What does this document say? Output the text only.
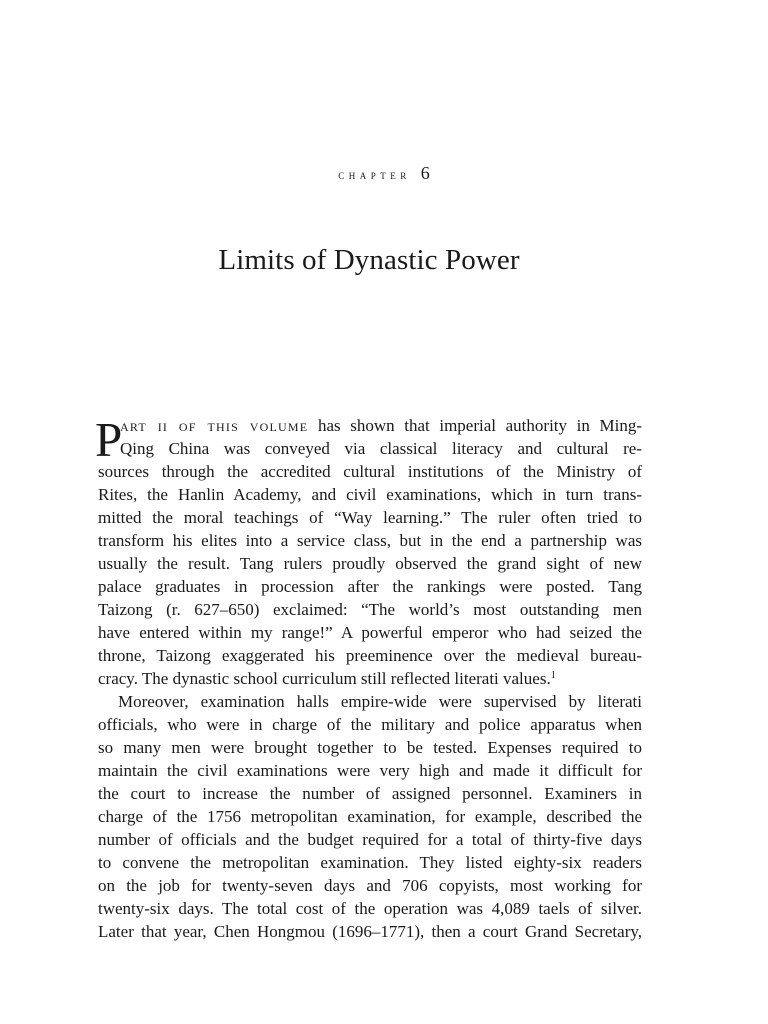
chapter 6
Limits of Dynastic Power
P
art ii of this volume has shown that imperial authority in Ming-
Qing China was conveyed via classical literacy and cultural re-
sources through the accredited cultural institutions of the Ministry of
Rites, the Hanlin Academy, and civil examinations, which in turn trans-
mitted the moral teachings of “Way learning.” The ruler often tried to
transform his elites into a service class, but in the end a partnership was
usually the result. Tang rulers proudly observed the grand sight of new
palace graduates in procession after the rankings were posted. Tang
Taizong (r. 627–650) exclaimed: “The world’s most outstanding men
have entered within my range!” A powerful emperor who had seized the
throne, Taizong exaggerated his preeminence over the medieval bureau-
cracy. The dynastic school curriculum still reflected literati values.$^1$
Moreover, examination halls empire-wide were supervised by literati
officials, who were in charge of the military and police apparatus when
so many men were brought together to be tested. Expenses required to
maintain the civil examinations were very high and made it difficult for
the court to increase the number of assigned personnel. Examiners in
charge of the 1756 metropolitan examination, for example, described the
number of officials and the budget required for a total of thirty-five days
to convene the metropolitan examination. They listed eighty-six readers
on the job for twenty-seven days and 706 copyists, most working for
twenty-six days. The total cost of the operation was 4,089 taels of silver.
Later that year, Chen Hongmou (1696–1771), then a court Grand Secretary,
